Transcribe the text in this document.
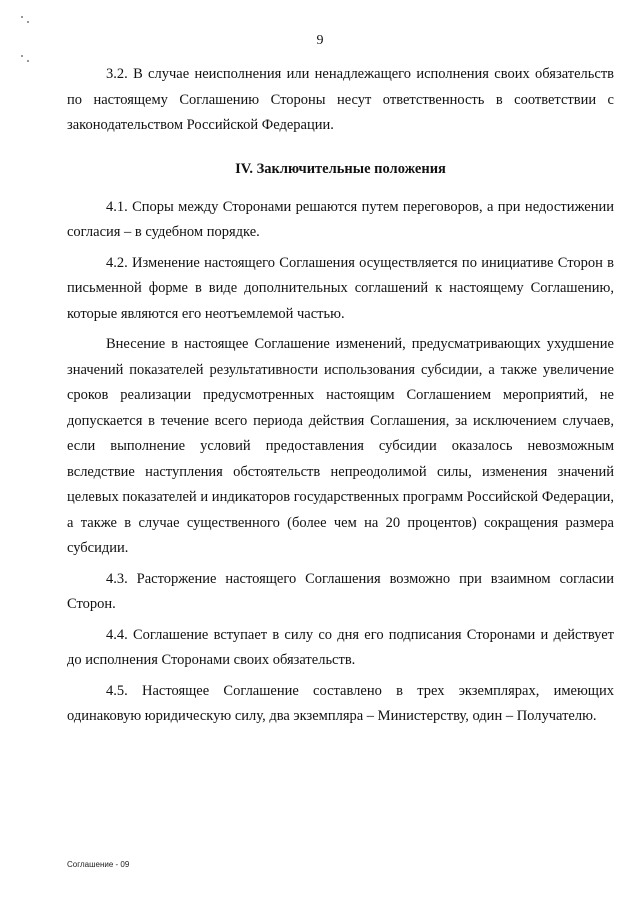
9

3.2. В случае неисполнения или ненадлежащего исполнения своих обязательств по настоящему Соглашению Стороны несут ответственность в соответствии с законодательством Российской Федерации.

IV. Заключительные положения

4.1. Споры между Сторонами решаются путем переговоров, а при недостижении согласия – в судебном порядке.

4.2. Изменение настоящего Соглашения осуществляется по инициативе Сторон в письменной форме в виде дополнительных соглашений к настоящему Соглашению, которые являются его неотъемлемой частью.

Внесение в настоящее Соглашение изменений, предусматривающих ухудшение значений показателей результативности использования субсидии, а также увеличение сроков реализации предусмотренных настоящим Соглашением мероприятий, не допускается в течение всего периода действия Соглашения, за исключением случаев, если выполнение условий предоставления субсидии оказалось невозможным вследствие наступления обстоятельств непреодолимой силы, изменения значений целевых показателей и индикаторов государственных программ Российской Федерации, а также в случае существенного (более чем на 20 процентов) сокращения размера субсидии.

4.3. Расторжение настоящего Соглашения возможно при взаимном согласии Сторон.

4.4. Соглашение вступает в силу со дня его подписания Сторонами и действует до исполнения Сторонами своих обязательств.

4.5. Настоящее Соглашение составлено в трех экземплярах, имеющих одинаковую юридическую силу, два экземпляра – Министерству, один – Получателю.

Соглашение - 09
